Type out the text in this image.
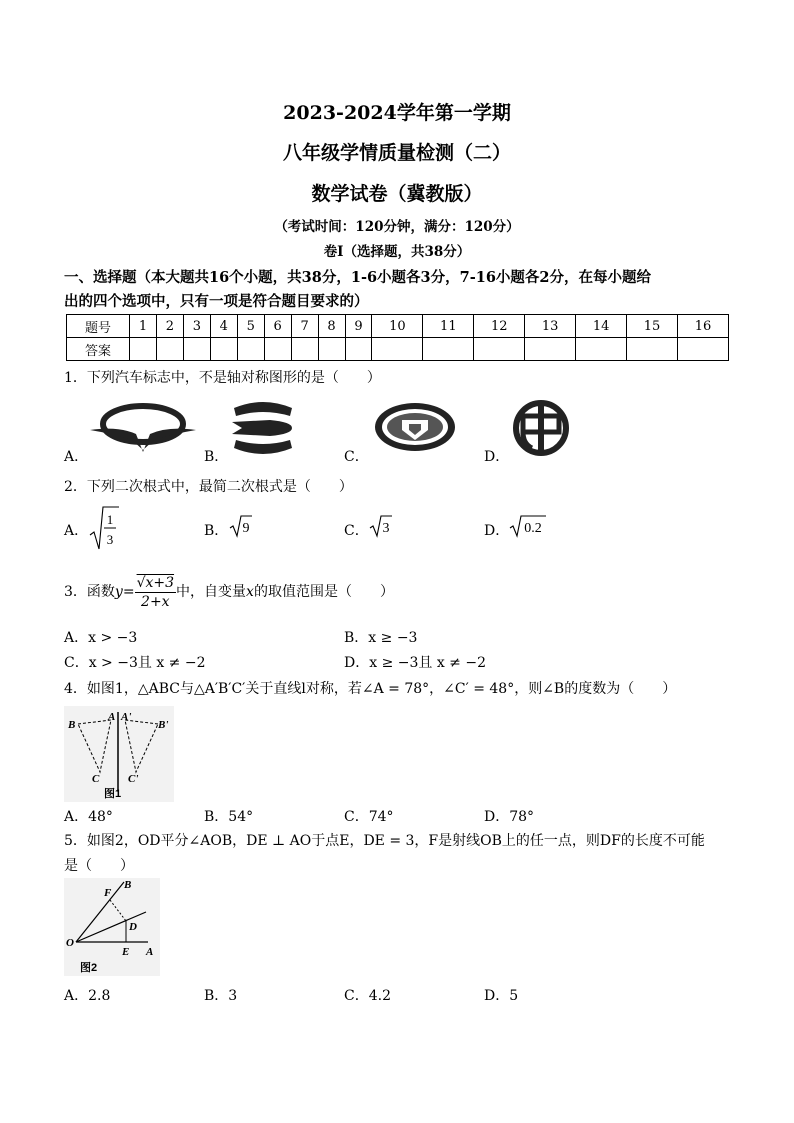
2023-2024学年第一学期
八年级学情质量检测（二）
数学试卷（冀教版）
（考试时间：120分钟，满分：120分）
卷Ⅰ（选择题，共38分）
一、选择题（本大题共16个小题，共38分，1-6小题各3分，7-16小题各2分，在每小题给
出的四个选项中，只有一项是符合题目要求的）
题号	1	2	3	4	5	6	7	8	9	10	11	12	13	14	15	16
答案																
1．下列汽车标志中，不是轴对称图形的是（　　）
A．	B．	C．	D．
2．下列二次根式中，最简二次根式是（　　）
A．
1
3
B． 9	C． 3	D． 0.2
3．函数$y= \frac{√x+3}{2+x}$ 中，自变量x的取值范围是（　　）
A．x > −3	B．x ≥ −3
C．x > −3且 x ≠ −2	D．x ≥ −3且 x ≠ −2
4．如图1，△ABC与△A′B′C′关于直线l对称，若∠A = 78°，∠C′ = 48°，则∠B的度数为（　　）
B
A A'
B'
C	C'
图1
A．48°	B．54°	C．74°	D．78°
5．如图2，OD平分∠AOB，DE ⊥ AO于点E，DE = 3，F是射线OB上的任一点，则DF的长度不可能
是（　　）
F
B
D
O
E A
图2
A．2.8	B．3	C．4.2	D．5
